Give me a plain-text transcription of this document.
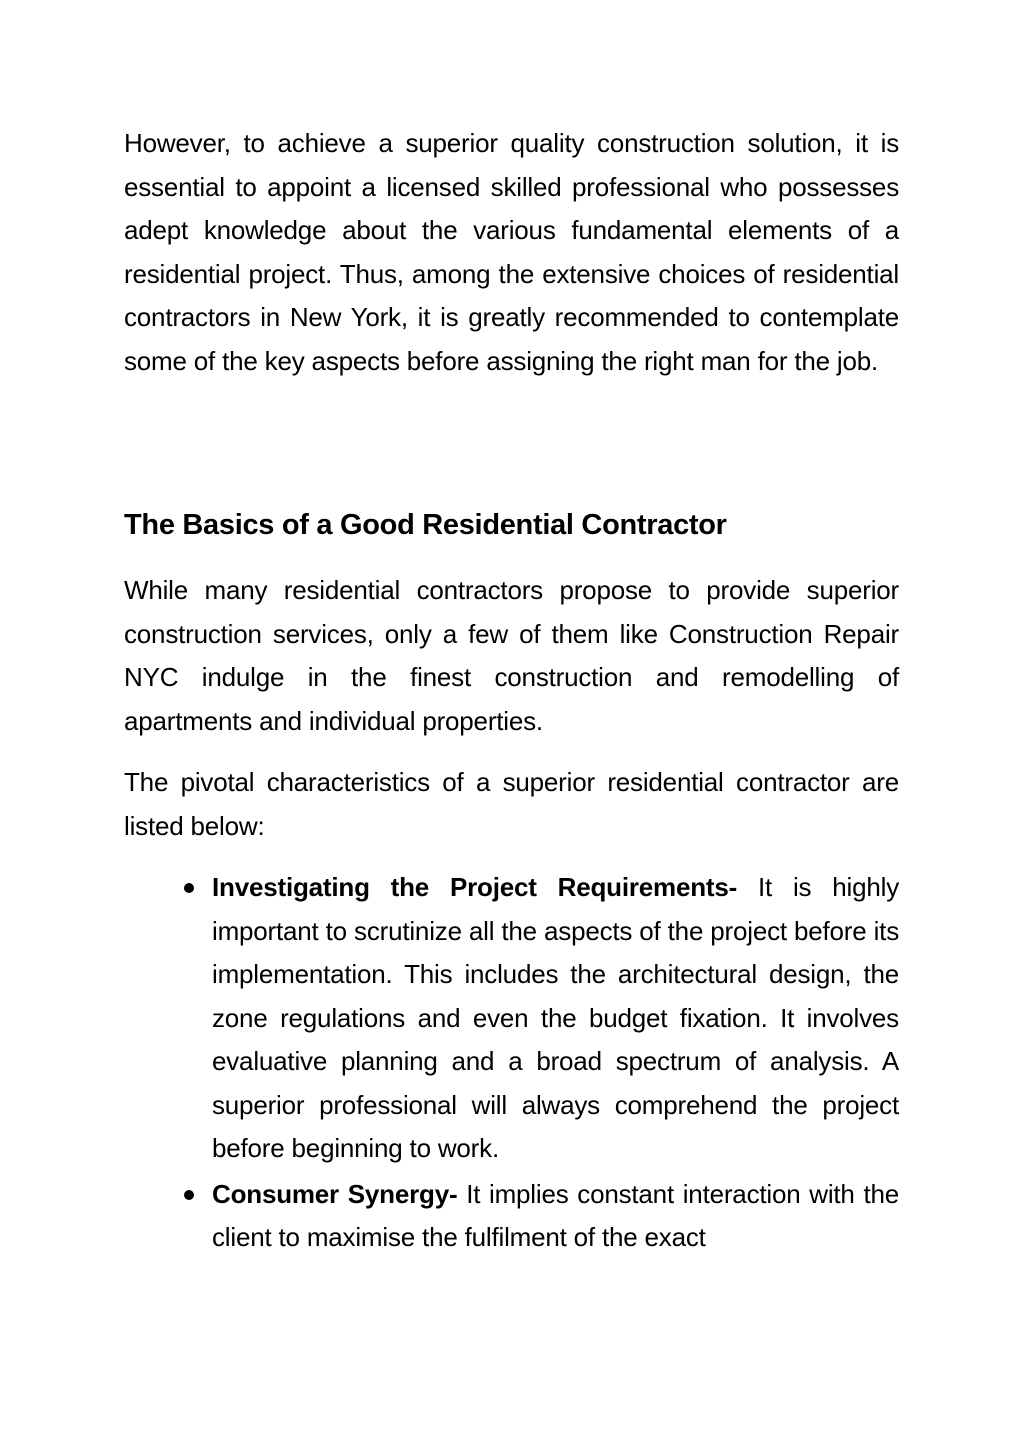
However, to achieve a superior quality construction solution, it is essential to appoint a licensed skilled professional who possesses adept knowledge about the various fundamental elements of a residential project. Thus, among the extensive choices of residential contractors in New York, it is greatly recommended to contemplate some of the key aspects before assigning the right man for the job.

The Basics of a Good Residential Contractor

While many residential contractors propose to provide superior construction services, only a few of them like Construction Repair NYC indulge in the finest construction and remodelling of apartments and individual properties.

The pivotal characteristics of a superior residential contractor are listed below:

Investigating the Project Requirements- It is highly important to scrutinize all the aspects of the project before its implementation. This includes the architectural design, the zone regulations and even the budget fixation. It involves evaluative planning and a broad spectrum of analysis. A superior professional will always comprehend the project before beginning to work.
Consumer Synergy- It implies constant interaction with the client to maximise the fulfilment of the exact
